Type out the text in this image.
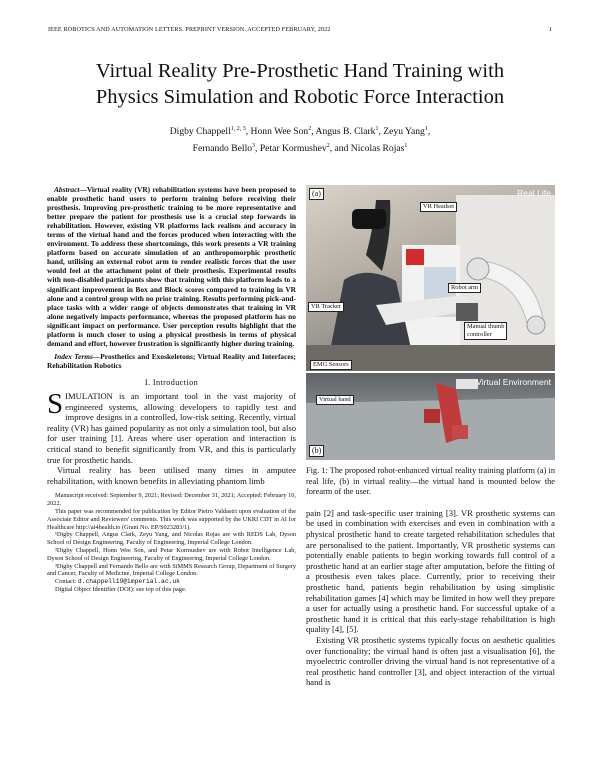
IEEE ROBOTICS AND AUTOMATION LETTERS. PREPRINT VERSION. ACCEPTED FEBRUARY, 2022	1
Virtual Reality Pre-Prosthetic Hand Training with
Physics Simulation and Robotic Force Interaction
Digby Chappell$^{1, 2, 3}$, Honn Wee Son$^2$, Angus B. Clark$^1$, Zeyu Yang$^1$,
Fernando Bello$^3$, Petar Kormushev$^2$, and Nicolas Rojas$^1$

Abstract—Virtual reality (VR) rehabilitation systems have been proposed to enable prosthetic hand users to perform training before receiving their prosthesis. Improving pre-prosthetic training to be more representative and better prepare the patient for prosthesis use is a crucial step forwards in rehabilitation. However, existing VR platforms lack realism and accuracy in terms of the virtual hand and the forces produced when interacting with the environment. To address these shortcomings, this work presents a VR training platform based on accurate simulation of an anthropomorphic prosthetic hand, utilising an external robot arm to render realistic forces that the user would feel at the attachment point of their prosthesis. Experimental results with non-disabled participants show that training with this platform leads to a significant improvement in Box and Block scores compared to training in VR alone and a control group with no prior training. Results performing pick-and-place tasks with a wider range of objects demonstrates that training in VR alone negatively impacts performance, whereas the proposed platform has no significant impact on performance. User perception results highlight that the platform is much closer to using a physical prosthesis in terms of physical demand and effort, however frustration is significantly higher during training.

Index Terms—Prosthetics and Exoskeletons; Virtual Reality and Interfaces; Rehabilitation Robotics

I. Introduction

SIMULATION is an important tool in the vast majority of engineered systems, allowing developers to rapidly test and improve designs in a controlled, low-risk setting. Recently, virtual reality (VR) has gained popularity as not only a simulation tool, but also for user training [1]. Areas where user operation and interaction is critical stand to benefit significantly from VR, and this is particularly true for prosthetic hands.

Virtual reality has been utilised many times in amputee rehabilitation, with known benefits in alleviating phantom limb

Manuscript received: September 9, 2021; Revised: December 31, 2021; Accepted: February 10, 2022.

This paper was recommended for publication by Editor Pietro Valdastri upon evaluation of the Associate Editor and Reviewers' comments. This work was supported by the UKRI CDT in AI for Healthcare http://ai4health.io (Grant No. EP/S023283/1).

¹Digby Chappell, Angus Clark, Zeyu Yang, and Nicolas Rojas are with REDS Lab, Dyson School of Design Engineering, Faculty of Engineering, Imperial College London.

²Digby Chappell, Honn Wee Son, and Petar Kormushev are with Robot Intelligence Lab, Dyson School of Design Engineering, Faculty of Engineering, Imperial College London.

³Digby Chappell and Fernando Bello are with SiMMS Research Group, Department of Surgery and Cancer, Faculty of Medicine, Imperial College London.

Contact: d.chappell19@imperial.ac.uk

Digital Object Identifier (DOI): see top of this page.

(a)	Real Life
VR Headset
Robot arm
VR Tracker
Manual thumb
controller
EMG Sensors
(b)
Virtual Environment
Virtual hand
Fig. 1: The proposed robot-enhanced virtual reality training platform (a) in real life, (b) in virtual reality—the virtual hand is mounted below the forearm of the user.

pain [2] and task-specific user training [3]. VR prosthetic systems can be used in combination with exercises and even in combination with a physical prosthetic hand to create targeted rehabilitation schedules that are personalised to the patient. Importantly, VR prosthetic systems can potentially enable patients to begin working towards full control of a prosthetic hand at an earlier stage after amputation, before the fitting of a prosthesis even takes place. Currently, prior to receiving their prosthetic hand, patients begin rehabilitation by using simplistic rehabilitation games [4] which may be limited in how well they prepare a user for actually using a prosthetic hand. For successful uptake of a prosthetic hand it is critical that this early-stage rehabilitation is high quality [4], [5].

Existing VR prosthetic systems typically focus on aesthetic qualities over functionality; the virtual hand is often just a visualisation [6], the myoelectric controller driving the virtual hand is not representative of a real prosthetic hand controller [3], and object interaction of the virtual hand is
